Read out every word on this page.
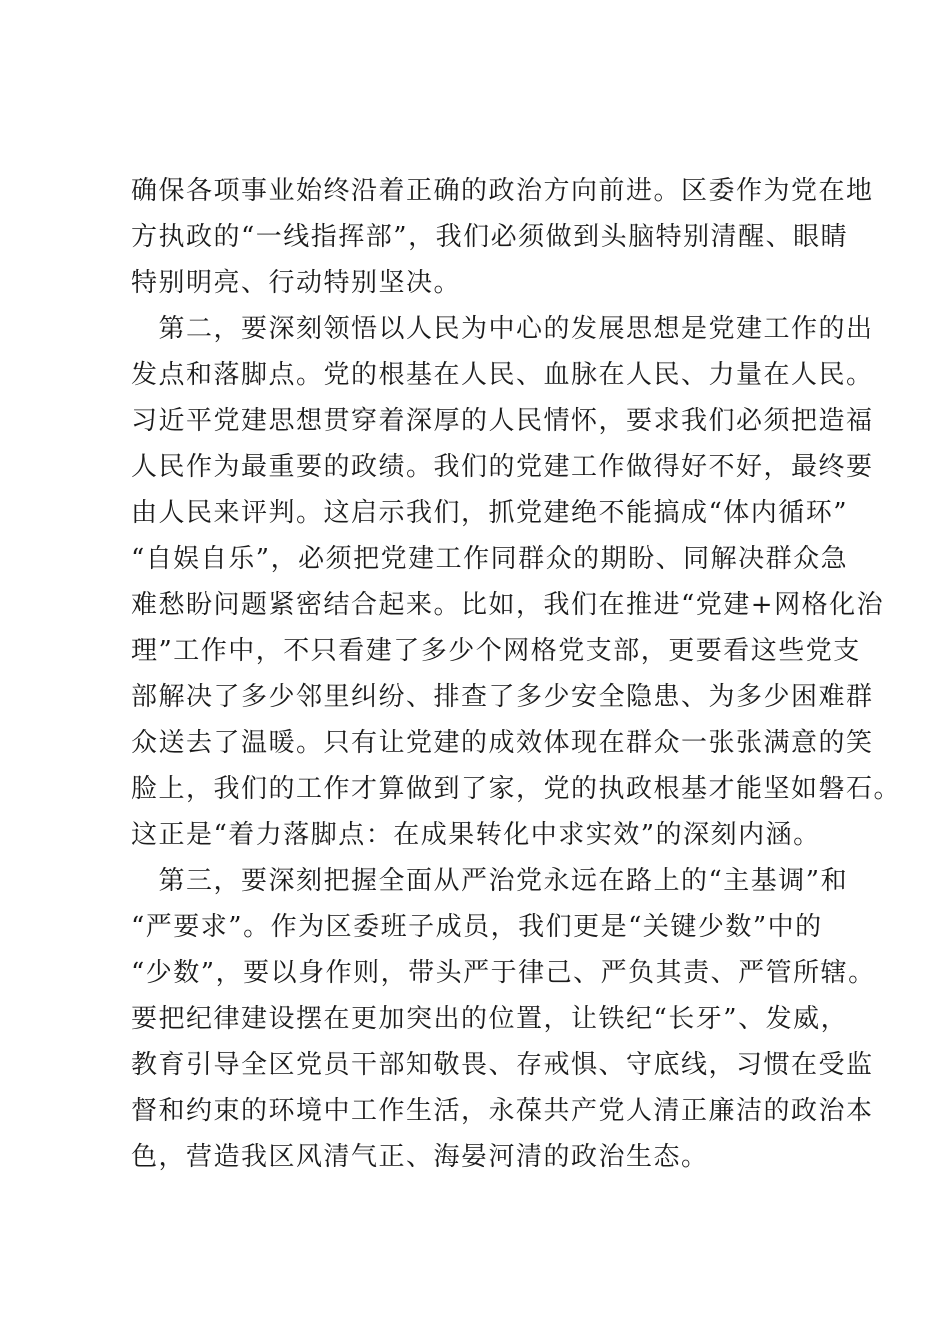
确保各项事业始终沿着正确的政治方向前进。区委作为党在地
方执政的“一线指挥部”，我们必须做到头脑特别清醒、眼睛
特别明亮、行动特别坚决。
　第二，要深刻领悟以人民为中心的发展思想是党建工作的出
发点和落脚点。党的根基在人民、血脉在人民、力量在人民。
习近平党建思想贯穿着深厚的人民情怀，要求我们必须把造福
人民作为最重要的政绩。我们的党建工作做得好不好，最终要
由人民来评判。这启示我们，抓党建绝不能搞成“体内循环”
“自娱自乐”，必须把党建工作同群众的期盼、同解决群众急
难愁盼问题紧密结合起来。比如，我们在推进“党建+网格化治
理”工作中，不只看建了多少个网格党支部，更要看这些党支
部解决了多少邻里纠纷、排查了多少安全隐患、为多少困难群
众送去了温暖。只有让党建的成效体现在群众一张张满意的笑
脸上，我们的工作才算做到了家，党的执政根基才能坚如磐石。
这正是“着力落脚点：在成果转化中求实效”的深刻内涵。
　第三，要深刻把握全面从严治党永远在路上的“主基调”和
“严要求”。作为区委班子成员，我们更是“关键少数”中的
“少数”，要以身作则，带头严于律己、严负其责、严管所辖。
要把纪律建设摆在更加突出的位置，让铁纪“长牙”、发威，
教育引导全区党员干部知敬畏、存戒惧、守底线，习惯在受监
督和约束的环境中工作生活，永葆共产党人清正廉洁的政治本
色，营造我区风清气正、海晏河清的政治生态。
